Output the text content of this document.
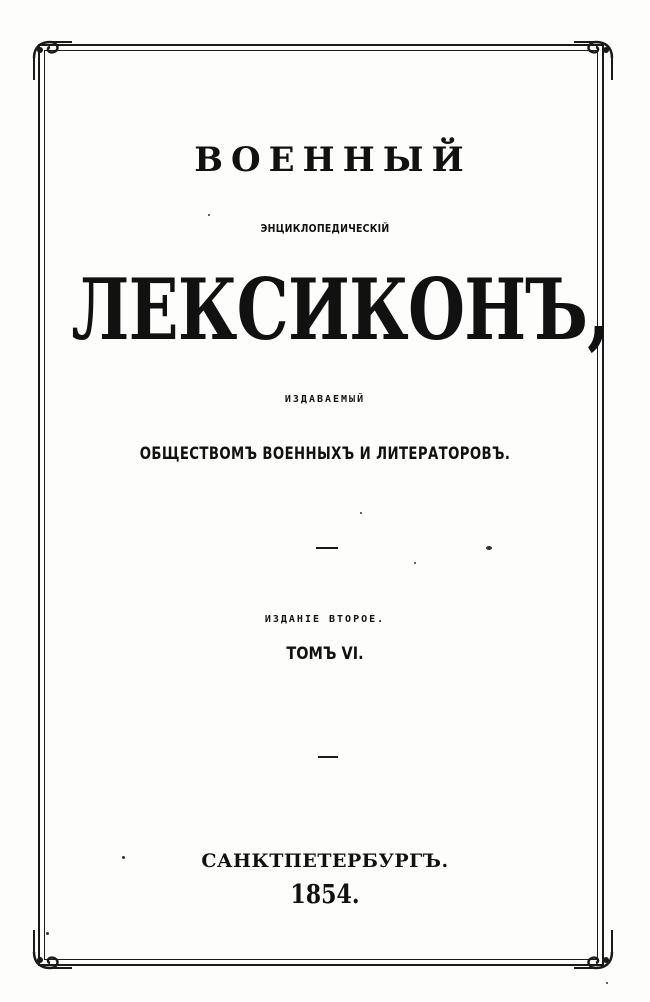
ВОЕННЫЙ
ЭНЦИКЛОПЕДИЧЕСКІЙ
ЛЕКСИКОНЪ,
ИЗДАВАЕМЫЙ
ОБЩЕСТВОМЪ ВОЕННЫХЪ И ЛИТЕРАТОРОВЪ.
ИЗДАНІЕ ВТОРОЕ.
ТОМЪ VI.
САНКТПЕТЕРБУРГЪ.
1854.
